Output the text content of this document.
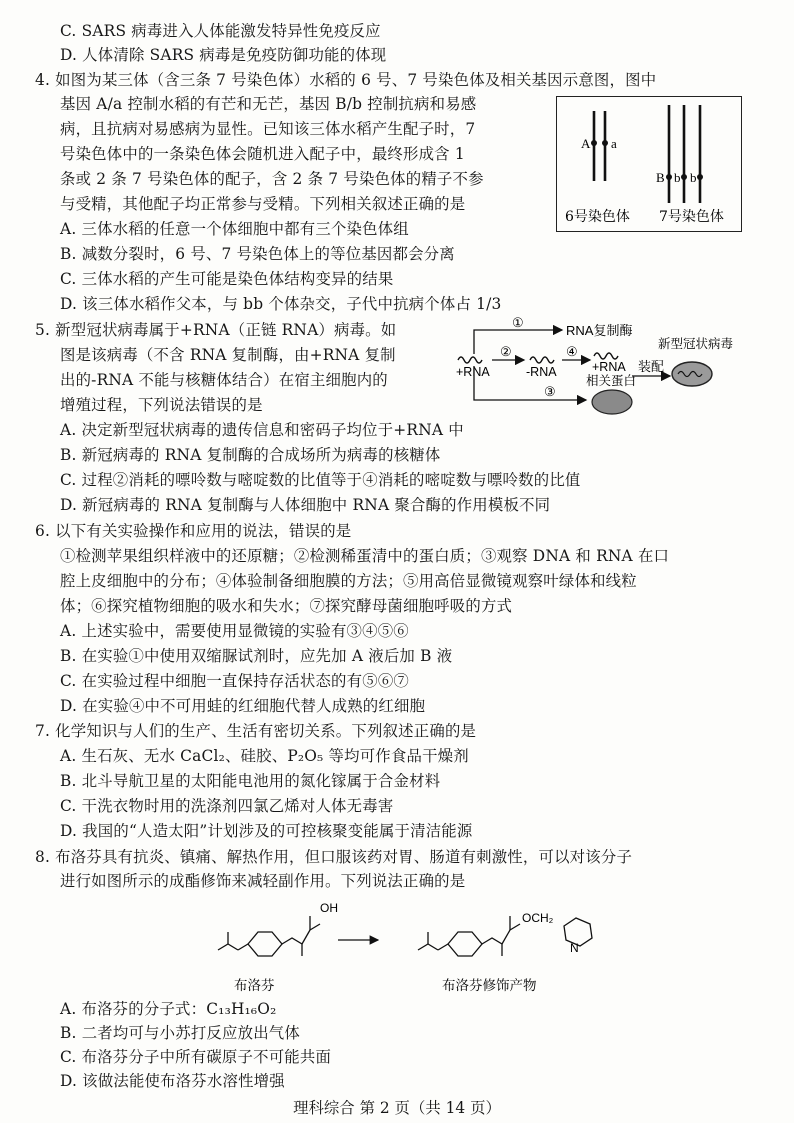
C. SARS 病毒进入人体能激发特异性免疫反应
D. 人体清除 SARS 病毒是免疫防御功能的体现
4. 如图为某三体（含三条 7 号染色体）水稻的 6 号、7 号染色体及相关基因示意图，图中
基因 A/a 控制水稻的有芒和无芒，基因 B/b 控制抗病和易感
病，且抗病对易感病为显性。已知该三体水稻产生配子时，7
号染色体中的一条染色体会随机进入配子中，最终形成含 1
条或 2 条 7 号染色体的配子，含 2 条 7 号染色体的精子不参
与受精，其他配子均正常参与受精。下列相关叙述正确的是
A. 三体水稻的任意一个体细胞中都有三个染色体组
B. 减数分裂时，6 号、7 号染色体上的等位基因都会分离
C. 三体水稻的产生可能是染色体结构变异的结果
D. 该三体水稻作父本，与 bb 个体杂交，子代中抗病个体占 1/3
A a
B b b
6号染色体 7号染色体
5. 新型冠状病毒属于+RNA（正链 RNA）病毒。如
图是该病毒（不含 RNA 复制酶，由+RNA 复制
出的-RNA 不能与核糖体结合）在宿主细胞内的
增殖过程，下列说法错误的是
A. 决定新型冠状病毒的遗传信息和密码子均位于+RNA 中
B. 新冠病毒的 RNA 复制酶的合成场所为病毒的核糖体
C. 过程②消耗的嘌呤数与嘧啶数的比值等于④消耗的嘧啶数与嘌呤数的比值
D. 新冠病毒的 RNA 复制酶与人体细胞中 RNA 聚合酶的作用模板不同
①	RNA复制酶
②	④
+RNA	-RNA	+RNA
相关蛋白
③
装配
新型冠状病毒
6. 以下有关实验操作和应用的说法，错误的是
①检测苹果组织样液中的还原糖；②检测稀蛋清中的蛋白质；③观察 DNA 和 RNA 在口
腔上皮细胞中的分布；④体验制备细胞膜的方法；⑤用高倍显微镜观察叶绿体和线粒
体；⑥探究植物细胞的吸水和失水；⑦探究酵母菌细胞呼吸的方式
A. 上述实验中，需要使用显微镜的实验有③④⑤⑥
B. 在实验①中使用双缩脲试剂时，应先加 A 液后加 B 液
C. 在实验过程中细胞一直保持存活状态的有⑤⑥⑦
D. 在实验④中不可用蛙的红细胞代替人成熟的红细胞
7. 化学知识与人们的生产、生活有密切关系。下列叙述正确的是
A. 生石灰、无水 CaCl₂、硅胶、P₂O₅ 等均可作食品干燥剂
B. 北斗导航卫星的太阳能电池用的氮化镓属于合金材料
C. 干洗衣物时用的洗涤剂四氯乙烯对人体无毒害
D. 我国的“人造太阳”计划涉及的可控核聚变能属于清洁能源
8. 布洛芬具有抗炎、镇痛、解热作用，但口服该药对胃、肠道有刺激性，可以对该分子
进行如图所示的成酯修饰来减轻副作用。下列说法正确的是
OH
OCH₂
N
布洛芬	布洛芬修饰产物
A. 布洛芬的分子式：C₁₃H₁₆O₂
B. 二者均可与小苏打反应放出气体
C. 布洛芬分子中所有碳原子不可能共面
D. 该做法能使布洛芬水溶性增强
理科综合 第 2 页（共 14 页）
